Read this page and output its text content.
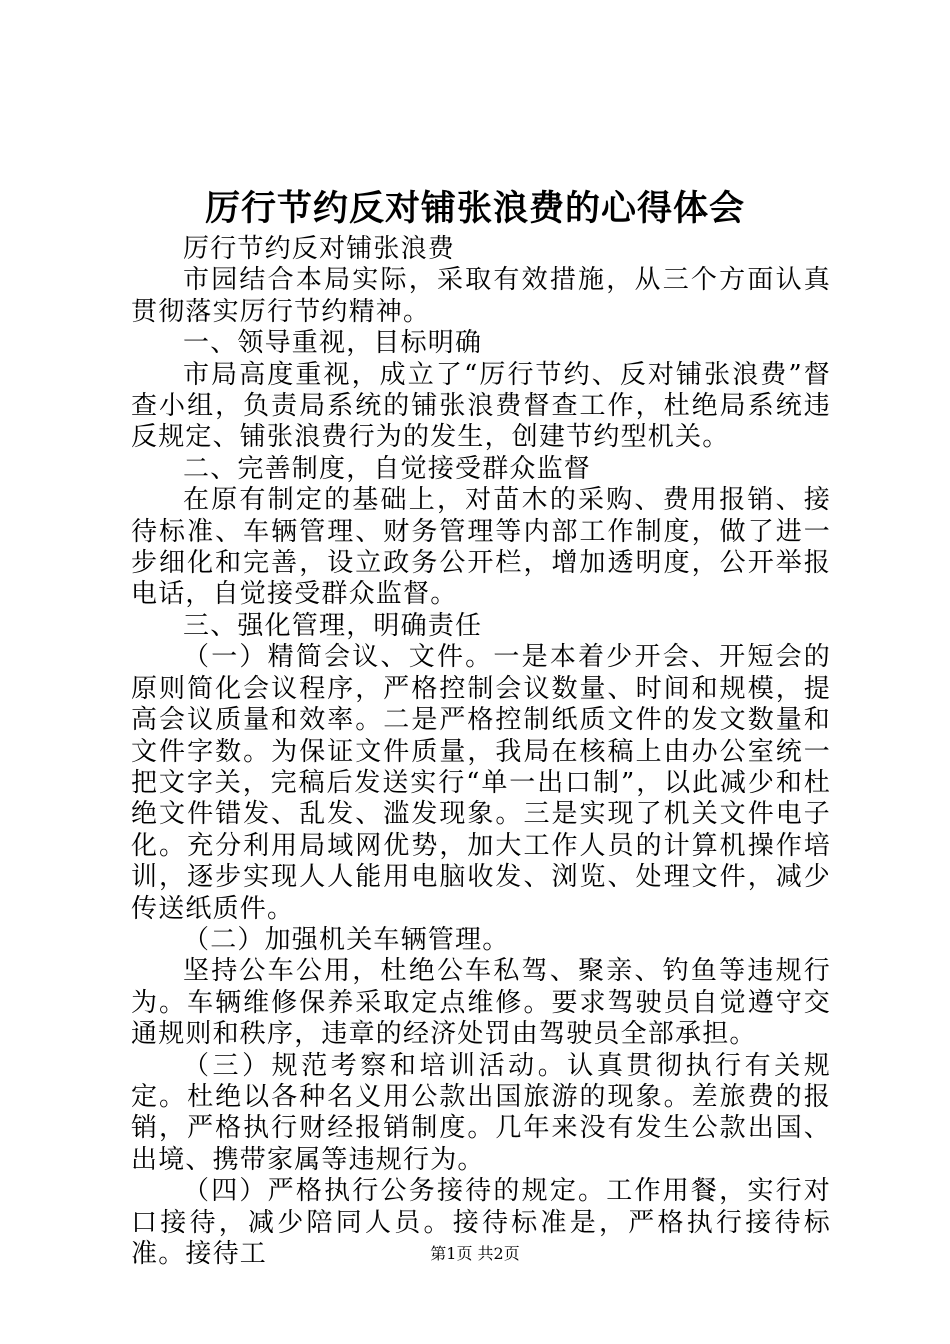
厉行节约反对铺张浪费的心得体会

厉行节约反对铺张浪费

市园结合本局实际，采取有效措施，从三个方面认真贯彻落实厉行节约精神。

一、领导重视，目标明确

市局高度重视，成立了“厉行节约、反对铺张浪费”督查小组，负责局系统的铺张浪费督查工作，杜绝局系统违反规定、铺张浪费行为的发生，创建节约型机关。

二、完善制度，自觉接受群众监督

在原有制定的基础上，对苗木的采购、费用报销、接待标准、车辆管理、财务管理等内部工作制度，做了进一步细化和完善，设立政务公开栏，增加透明度，公开举报电话，自觉接受群众监督。

三、强化管理，明确责任

（一）精简会议、文件。一是本着少开会、开短会的原则简化会议程序，严格控制会议数量、时间和规模，提高会议质量和效率。二是严格控制纸质文件的发文数量和文件字数。为保证文件质量，我局在核稿上由办公室统一把文字关，完稿后发送实行“单一出口制”，以此减少和杜绝文件错发、乱发、滥发现象。三是实现了机关文件电子化。充分利用局域网优势，加大工作人员的计算机操作培训，逐步实现人人能用电脑收发、浏览、处理文件，减少传送纸质件。

（二）加强机关车辆管理。

坚持公车公用，杜绝公车私驾、聚亲、钓鱼等违规行为。车辆维修保养采取定点维修。要求驾驶员自觉遵守交通规则和秩序，违章的经济处罚由驾驶员全部承担。

（三）规范考察和培训活动。认真贯彻执行有关规定。杜绝以各种名义用公款出国旅游的现象。差旅费的报销，严格执行财经报销制度。几年来没有发生公款出国、出境、携带家属等违规行为。

（四）严格执行公务接待的规定。工作用餐，实行对口接待，减少陪同人员。接待标准是，严格执行接待标准。接待工	第1页 共2页
